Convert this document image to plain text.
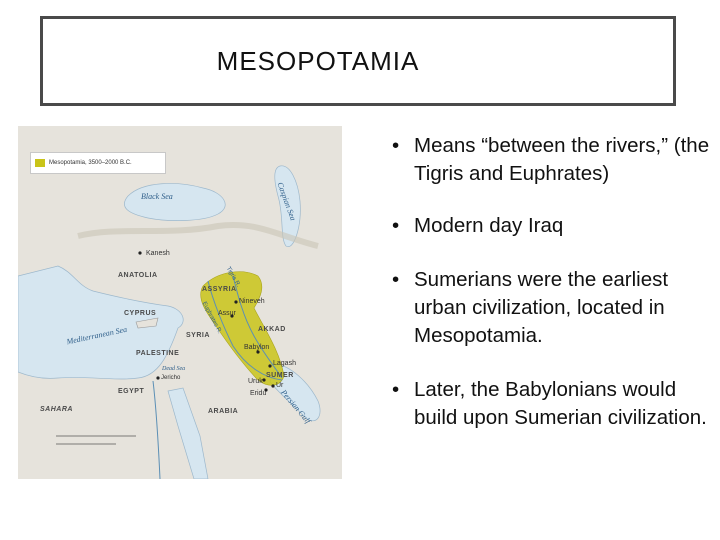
MESOPOTAMIA
Mesopotamia, 3500–2000 B.C.
Black Sea	Caspian Sea
Mediterranean Sea
Persian Gulf
Dead Sea
ANATOLIA
CYPRUS
SYRIA
PALESTINE
EGYPT
ARABIA
SAHARA
ASSYRIA
AKKAD
SUMER
Kanesh
Nineveh
Assur
Babylon
Lagash
Uruk
Ur
Eridu
Jericho
Tigris R.
Euphrates R.
• Means “between the rivers,” (the Tigris and Euphrates)
• Modern day Iraq
• Sumerians were the earliest urban civilization, located in Mesopotamia.
• Later, the Babylonians would build upon Sumerian civilization.
